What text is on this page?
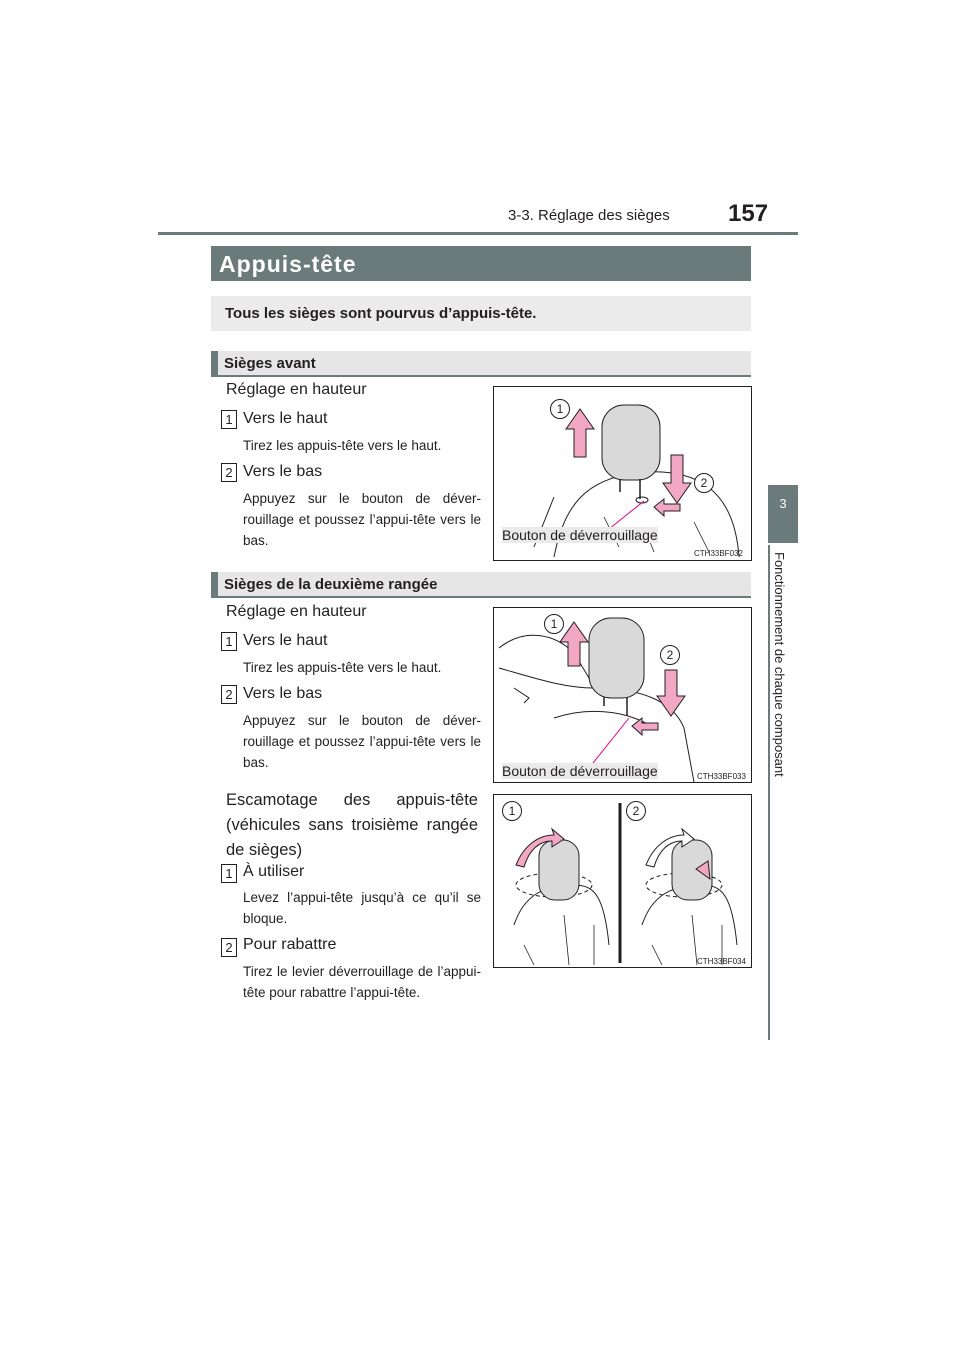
3-3. Réglage des sièges 157
3
Fonctionnement de chaque composant
Appuis-tête
Tous les sièges sont pourvus d’appuis-tête.
Sièges avant
Réglage en hauteur
1 Vers le haut
Tirez les appuis-tête vers le haut.
2 Vers le bas
Appuyez sur le bouton de déver-rouillage et poussez l’appui-tête vers le bas.
1
2
Bouton de déverrouillage
CTH33BF032
Sièges de la deuxième rangée
Réglage en hauteur
1 Vers le haut
Tirez les appuis-tête vers le haut.
2 Vers le bas
Appuyez sur le bouton de déver-rouillage et poussez l’appui-tête vers le bas.
1
2
Bouton de déverrouillage	CTH33BF033
Escamotage des appuis-tête (véhicules sans troisième rangée de sièges)
1 À utiliser
Levez l’appui-tête jusqu’à ce qu’il se bloque.
2 Pour rabattre
Tirez le levier déverrouillage de l’appui-tête pour rabattre l’appui-tête.
1	2
CTH33BF034
